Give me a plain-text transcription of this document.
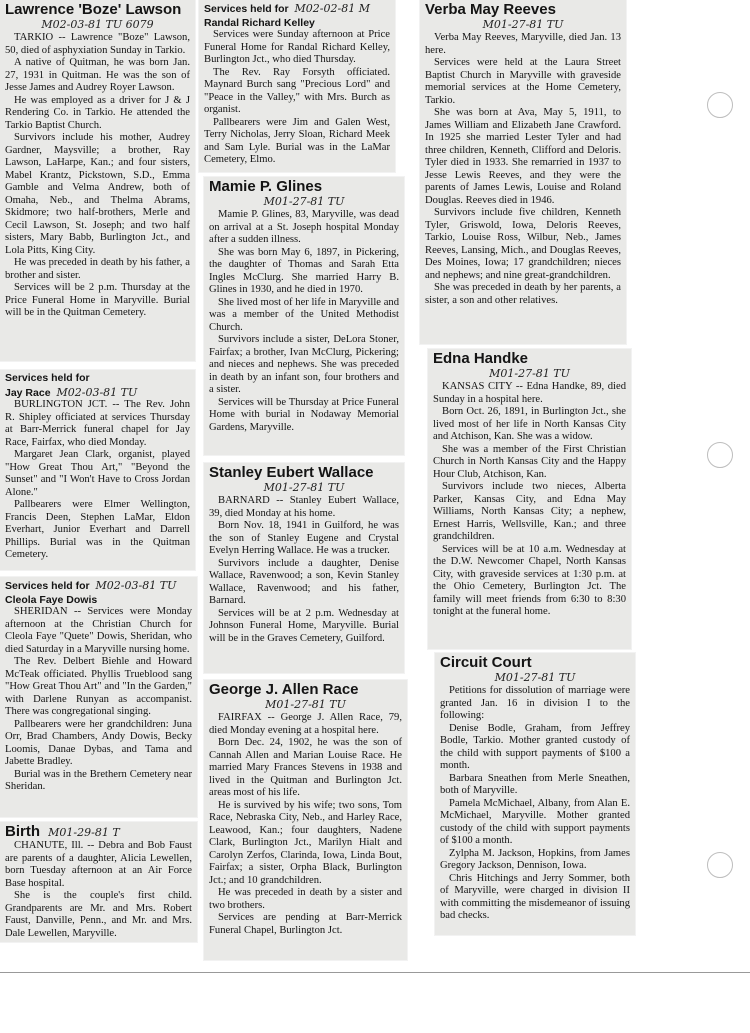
Lawrence 'Boze' Lawson
M02-03-81 TU 6079

TARKIO -- Lawrence "Boze" Lawson, 50, died of asphyxiation Sunday in Tarkio.

A native of Quitman, he was born Jan. 27, 1931 in Quitman. He was the son of Jesse James and Audrey Royer Lawson.

He was employed as a driver for J & J Rendering Co. in Tarkio. He attended the Tarkio Baptist Church.

Survivors include his mother, Audrey Gardner, Maysville; a brother, Ray Lawson, LaHarpe, Kan.; and four sisters, Mabel Krantz, Pickstown, S.D., Emma Gamble and Velma Andrew, both of Omaha, Neb., and Thelma Abrams, Skidmore; two half-brothers, Merle and Cecil Lawson, St. Joseph; and two half sisters, Mary Babb, Burlington Jct., and Lola Pitts, King City.

He was preceded in death by his father, a brother and sister.

Services will be 2 p.m. Thursday at the Price Funeral Home in Maryville. Burial will be in the Quitman Cemetery.

Services held for
Jay Race M02-03-81 TU

BURLINGTON JCT. -- The Rev. John R. Shipley officiated at services Thursday at Barr-Merrick funeral chapel for Jay Race, Fairfax, who died Monday.

Margaret Jean Clark, organist, played "How Great Thou Art," "Beyond the Sunset" and "I Won't Have to Cross Jordan Alone."

Pallbearers were Elmer Wellington, Francis Deen, Stephen LaMar, Eldon Everhart, Junior Everhart and Darrell Phillips. Burial was in the Quitman Cemetery.

Services held for M02-03-81 TU
Cleola Faye Dowis

SHERIDAN -- Services were Monday afternoon at the Christian Church for Cleola Faye "Quete" Dowis, Sheridan, who died Saturday in a Maryville nursing home.

The Rev. Delbert Biehle and Howard McTeak officiated. Phyllis Trueblood sang "How Great Thou Art" and "In the Garden," with Darlene Runyan as accompanist. There was congregational singing.

Pallbearers were her grandchildren: Juna Orr, Brad Chambers, Andy Dowis, Becky Loomis, Danae Dybas, and Tama and Jabette Bradley.

Burial was in the Brethern Cemetery near Sheridan.

Birth M01-29-81 T

CHANUTE, Ill. -- Debra and Bob Faust are parents of a daughter, Alicia Lewellen, born Tuesday afternoon at an Air Force Base hospital.

She is the couple's first child. Grandparents are Mr. and Mrs. Robert Faust, Danville, Penn., and Mr. and Mrs. Dale Lewellen, Maryville.

Services held for M02-02-81 M
Randal Richard Kelley

Services were Sunday afternoon at Price Funeral Home for Randal Richard Kelley, Burlington Jct., who died Thursday.

The Rev. Ray Forsyth officiated. Maynard Burch sang "Precious Lord" and "Peace in the Valley," with Mrs. Burch as organist.

Pallbearers were Jim and Galen West, Terry Nicholas, Jerry Sloan, Richard Meek and Sam Lyle. Burial was in the LaMar Cemetery, Elmo.

Mamie P. Glines
M01-27-81 TU

Mamie P. Glines, 83, Maryville, was dead on arrival at a St. Joseph hospital Monday after a sudden illness.

She was born May 6, 1897, in Pickering, the daughter of Thomas and Sarah Etta Ingles McClurg. She married Harry B. Glines in 1930, and he died in 1970.

She lived most of her life in Maryville and was a member of the United Methodist Church.

Survivors include a sister, DeLora Stoner, Fairfax; a brother, Ivan McClurg, Pickering; and nieces and nephews. She was preceded in death by an infant son, four brothers and a sister.

Services will be Thursday at Price Funeral Home with burial in Nodaway Memorial Gardens, Maryville.

Stanley Eubert Wallace
M01-27-81 TU

BARNARD -- Stanley Eubert Wallace, 39, died Monday at his home.

Born Nov. 18, 1941 in Guilford, he was the son of Stanley Eugene and Crystal Evelyn Herring Wallace. He was a trucker.

Survivors include a daughter, Denise Wallace, Ravenwood; a son, Kevin Stanley Wallace, Ravenwood; and his father, Barnard.

Services will be at 2 p.m. Wednesday at Johnson Funeral Home, Maryville. Burial will be in the Graves Cemetery, Guilford.

George J. Allen Race
M01-27-81 TU

FAIRFAX -- George J. Allen Race, 79, died Monday evening at a hospital here.

Born Dec. 24, 1902, he was the son of Cannah Allen and Marian Louise Race. He married Mary Frances Stevens in 1938 and lived in the Quitman and Burlington Jct. areas most of his life.

He is survived by his wife; two sons, Tom Race, Nebraska City, Neb., and Harley Race, Leawood, Kan.; four daughters, Nadene Clark, Burlington Jct., Marilyn Hialt and Carolyn Zerfos, Clarinda, Iowa, Linda Bout, Fairfax; a sister, Orpha Black, Burlington Jct.; and 10 grandchildren.

He was preceded in death by a sister and two brothers.

Services are pending at Barr-Merrick Funeral Chapel, Burlington Jct.

Verba May Reeves
M01-27-81 TU

Verba May Reeves, Maryville, died Jan. 13 here.

Services were held at the Laura Street Baptist Church in Maryville with graveside memorial services at the Home Cemetery, Tarkio.

She was born at Ava, May 5, 1911, to James William and Elizabeth Jane Crawford. In 1925 she married Lester Tyler and had three children, Kenneth, Clifford and Deloris. Tyler died in 1933. She remarried in 1937 to Jesse Lewis Reeves, and they were the parents of James Lewis, Louise and Roland Douglas. Reeves died in 1946.

Survivors include five children, Kenneth Tyler, Griswold, Iowa, Deloris Reeves, Tarkio, Louise Ross, Wilbur, Neb., James Reeves, Lansing, Mich., and Douglas Reeves, Des Moines, Iowa; 17 grandchildren; nieces and nephews; and nine great-grandchildren.

She was preceded in death by her parents, a sister, a son and other relatives.

Edna Handke
M01-27-81 TU

KANSAS CITY -- Edna Handke, 89, died Sunday in a hospital here.

Born Oct. 26, 1891, in Burlington Jct., she lived most of her life in North Kansas City and Atchison, Kan. She was a widow.

She was a member of the First Christian Church in North Kansas City and the Happy Hour Club, Atchison, Kan.

Survivors include two nieces, Alberta Parker, Kansas City, and Edna May Williams, North Kansas City; a nephew, Ernest Harris, Wellsville, Kan.; and three grandchildren.

Services will be at 10 a.m. Wednesday at the D.W. Newcomer Chapel, North Kansas City, with graveside services at 1:30 p.m. at the Ohio Cemetery, Burlington Jct. The family will meet friends from 6:30 to 8:30 tonight at the funeral home.

Circuit Court
M01-27-81 TU

Petitions for dissolution of marriage were granted Jan. 16 in division I to the following:

Denise Bodle, Graham, from Jeffrey Bodle, Tarkio. Mother granted custody of the child with support payments of $100 a month.

Barbara Sneathen from Merle Sneathen, both of Maryville.

Pamela McMichael, Albany, from Alan E. McMichael, Maryville. Mother granted custody of the child with support payments of $100 a month.

Zylpha M. Jackson, Hopkins, from James Gregory Jackson, Dennison, Iowa.

Chris Hitchings and Jerry Sommer, both of Maryville, were charged in division II with committing the misdemeanor of issuing bad checks.
